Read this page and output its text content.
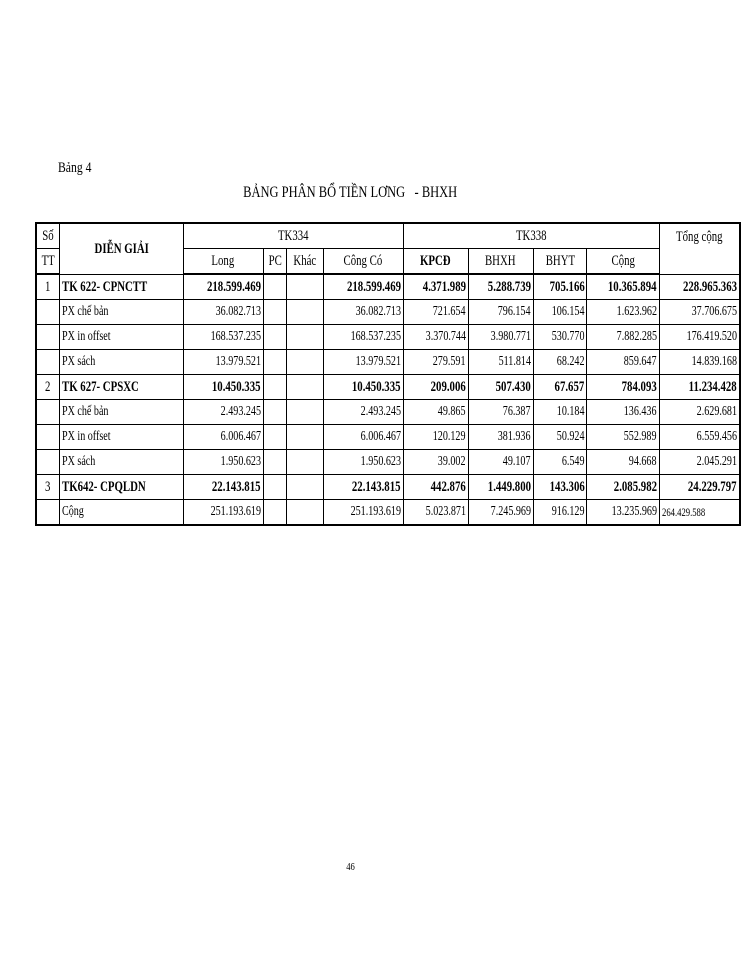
Bảng 4
BẢNG PHÂN BỔ TIỀN LƠNG   - BHXH
Số	DIỄN GIẢI	TK334				TK338				Tổng cộng
TT		Long	PC	Khác	Công Có	KPCĐ	BHXH	BHYT	Cộng	
1	TK 622- CPNCTT	218.599.469			218.599.469	4.371.989	5.288.739	705.166	10.365.894	228.965.363
	PX chế bản	36.082.713			36.082.713	721.654	796.154	106.154	1.623.962	37.706.675
	PX in offset	168.537.235			168.537.235	3.370.744	3.980.771	530.770	7.882.285	176.419.520
	PX sách	13.979.521			13.979.521	279.591	511.814	68.242	859.647	14.839.168
2	TK 627- CPSXC	10.450.335			10.450.335	209.006	507.430	67.657	784.093	11.234.428
	PX chế bản	2.493.245			2.493.245	49.865	76.387	10.184	136.436	2.629.681
	PX in offset	6.006.467			6.006.467	120.129	381.936	50.924	552.989	6.559.456
	PX sách	1.950.623			1.950.623	39.002	49.107	6.549	94.668	2.045.291
3	TK642- CPQLDN	22.143.815			22.143.815	442.876	1.449.800	143.306	2.085.982	24.229.797
	Cộng	251.193.619			251.193.619	5.023.871	7.245.969	916.129	13.235.969	264.429.588
46
